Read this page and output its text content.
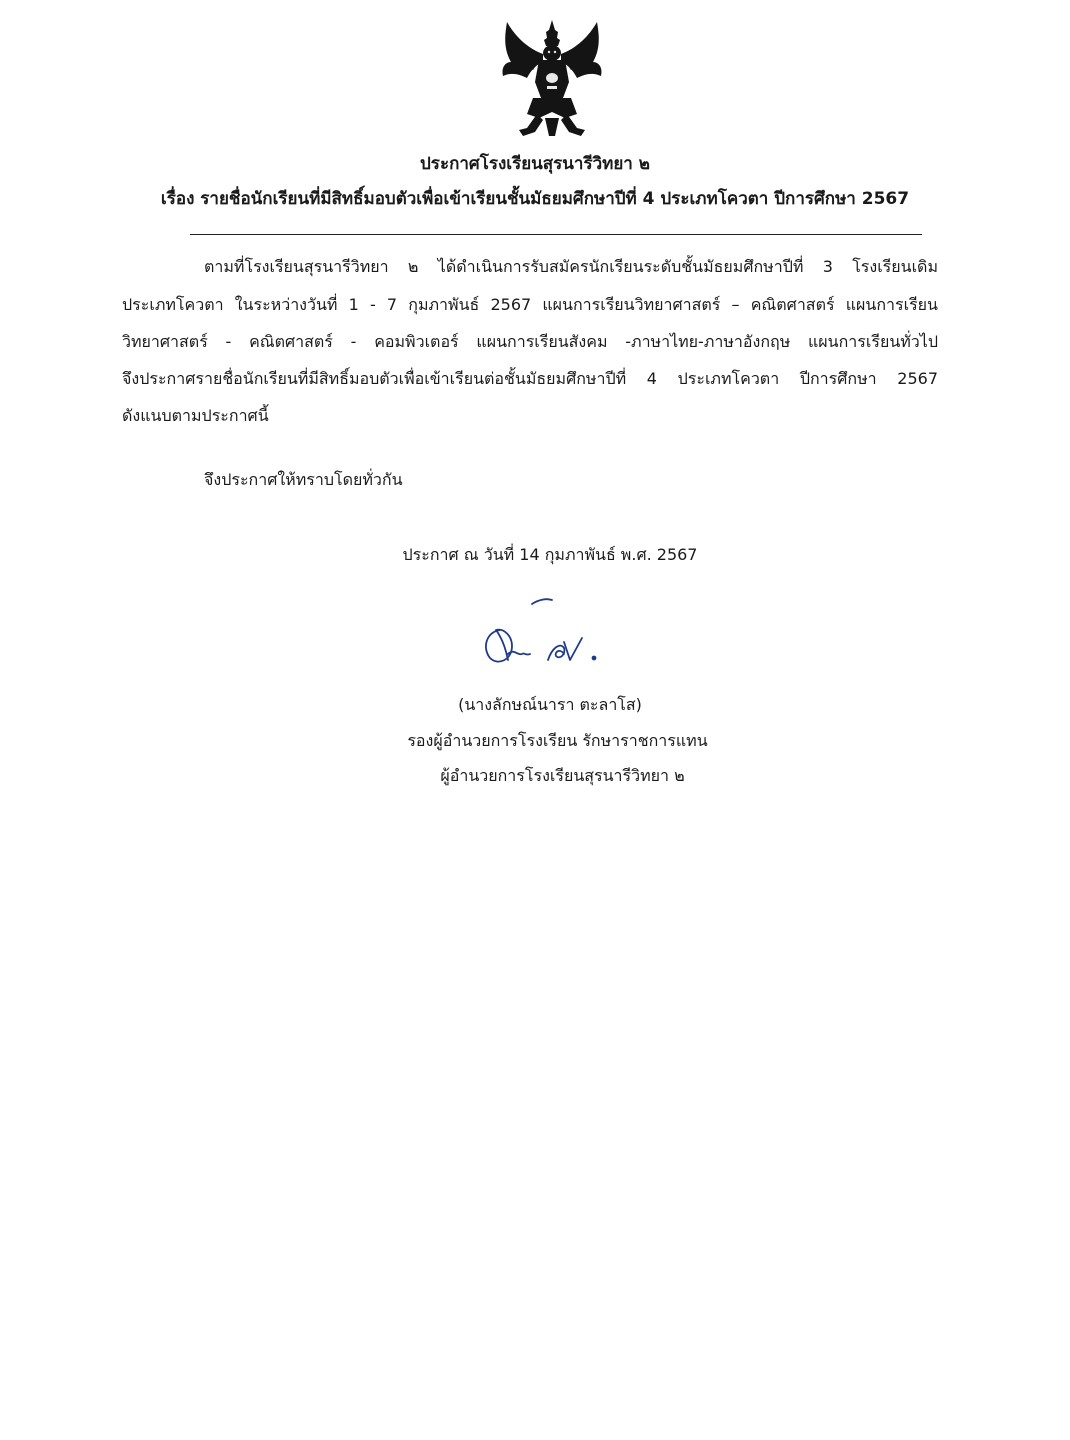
ประกาศโรงเรียนสุรนารีวิทยา ๒
เรื่อง รายชื่อนักเรียนที่มีสิทธิ์มอบตัวเพื่อเข้าเรียนชั้นมัธยมศึกษาปีที่ 4 ประเภทโควตา ปีการศึกษา 2567
ตามที่โรงเรียนสุรนารีวิทยา ๒ ได้ดำเนินการรับสมัครนักเรียนระดับชั้นมัธยมศึกษาปีที่ 3 โรงเรียนเดิม
ประเภทโควตา ในระหว่างวันที่ 1 - 7 กุมภาพันธ์ 2567 แผนการเรียนวิทยาศาสตร์ – คณิตศาสตร์ แผนการเรียน
วิทยาศาสตร์ - คณิตศาสตร์ - คอมพิวเตอร์ แผนการเรียนสังคม -ภาษาไทย-ภาษาอังกฤษ แผนการเรียนทั่วไป
จึงประกาศรายชื่อนักเรียนที่มีสิทธิ์มอบตัวเพื่อเข้าเรียนต่อชั้นมัธยมศึกษาปีที่ 4 ประเภทโควตา ปีการศึกษา 2567
ดังแนบตามประกาศนี้
จึงประกาศให้ทราบโดยทั่วกัน
ประกาศ ณ วันที่ 14 กุมภาพันธ์ พ.ศ. 2567
(นางลักษณ์นารา ตะลาโส)
รองผู้อำนวยการโรงเรียน รักษาราชการแทน
ผู้อำนวยการโรงเรียนสุรนารีวิทยา ๒
